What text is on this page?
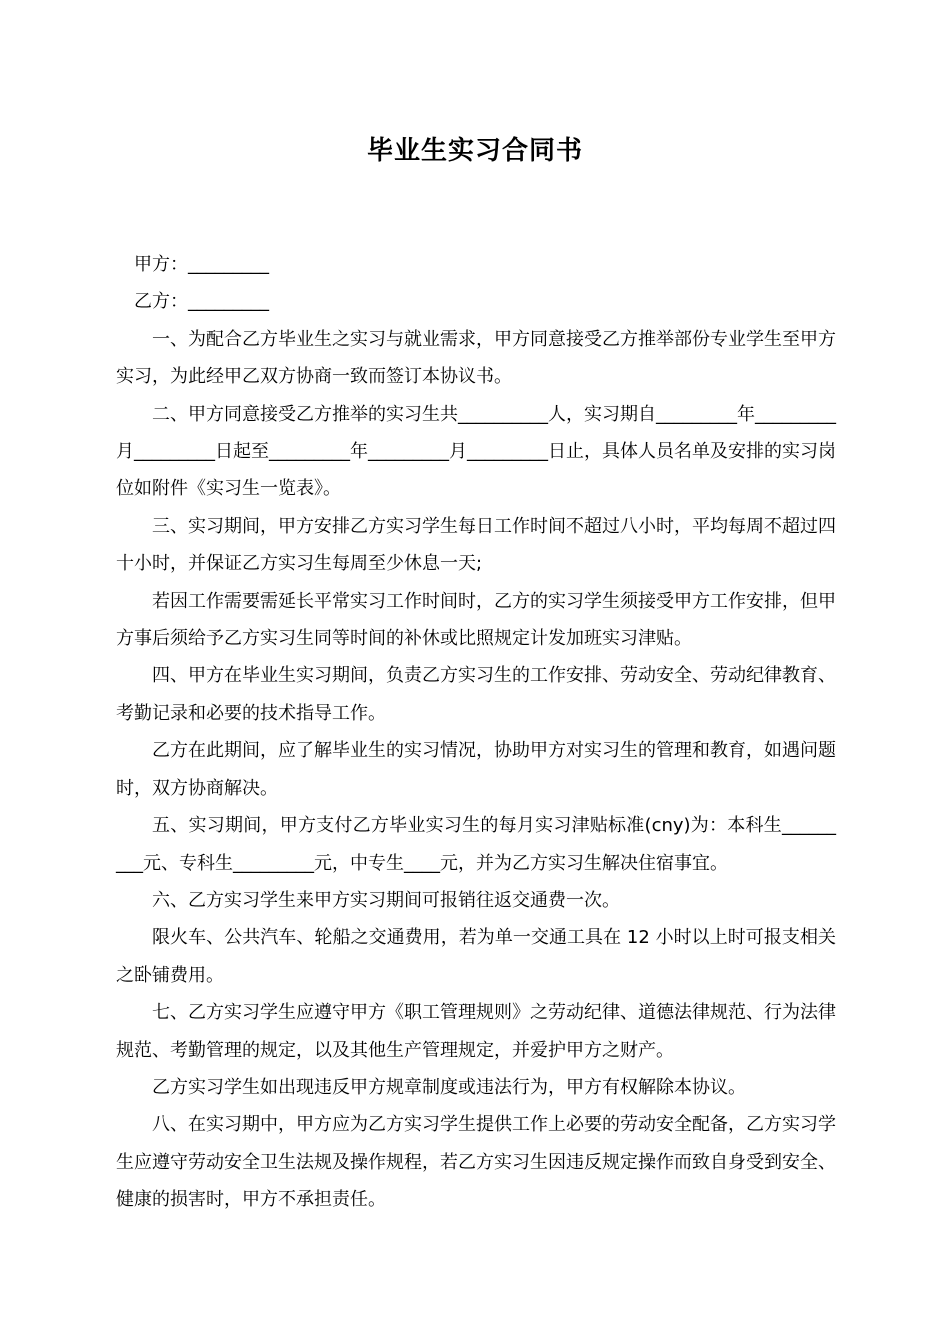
毕业生实习合同书

甲方：_________

乙方：_________

一、为配合乙方毕业生之实习与就业需求，甲方同意接受乙方推举部份专业学生至甲方实习，为此经甲乙双方协商一致而签订本协议书。

二、甲方同意接受乙方推举的实习生共__________人，实习期自_________年_________月_________日起至_________年_________月_________日止，具体人员名单及安排的实习岗位如附件《实习生一览表》。

三、实习期间，甲方安排乙方实习学生每日工作时间不超过八小时，平均每周不超过四十小时，并保证乙方实习生每周至少休息一天;

若因工作需要需延长平常实习工作时间时，乙方的实习学生须接受甲方工作安排，但甲方事后须给予乙方实习生同等时间的补休或比照规定计发加班实习津贴。

四、甲方在毕业生实习期间，负责乙方实习生的工作安排、劳动安全、劳动纪律教育、考勤记录和必要的技术指导工作。

乙方在此期间，应了解毕业生的实习情况，协助甲方对实习生的管理和教育，如遇问题时，双方协商解决。

五、实习期间，甲方支付乙方毕业实习生的每月实习津贴标准(cny)为：本科生_________元、专科生_________元，中专生____元，并为乙方实习生解决住宿事宜。

六、乙方实习学生来甲方实习期间可报销往返交通费一次。

限火车、公共汽车、轮船之交通费用，若为单一交通工具在 12 小时以上时可报支相关之卧铺费用。

七、乙方实习学生应遵守甲方《职工管理规则》之劳动纪律、道德法律规范、行为法律规范、考勤管理的规定，以及其他生产管理规定，并爱护甲方之财产。

乙方实习学生如出现违反甲方规章制度或违法行为，甲方有权解除本协议。

八、在实习期中，甲方应为乙方实习学生提供工作上必要的劳动安全配备，乙方实习学生应遵守劳动安全卫生法规及操作规程，若乙方实习生因违反规定操作而致自身受到安全、健康的损害时，甲方不承担责任。
